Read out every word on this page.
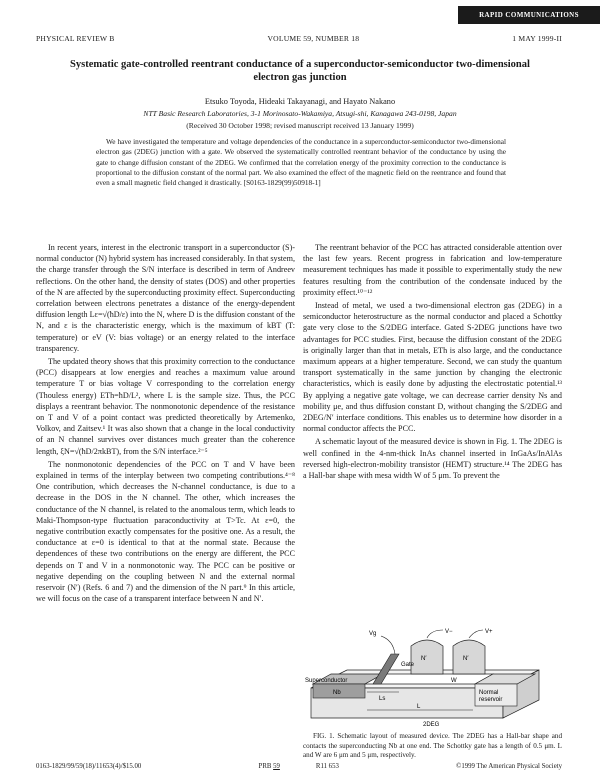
RAPID COMMUNICATIONS
PHYSICAL REVIEW B	VOLUME 59, NUMBER 18	1 MAY 1999-II
Systematic gate-controlled reentrant conductance of a superconductor-semiconductor two-dimensional electron gas junction
Etsuko Toyoda, Hideaki Takayanagi, and Hayato Nakano
NTT Basic Research Laboratories, 3-1 Morinosato-Wakamiya, Atsugi-shi, Kanagawa 243-0198, Japan
(Received 30 October 1998; revised manuscript received 13 January 1999)
We have investigated the temperature and voltage dependencies of the conductance in a superconductor-semiconductor two-dimensional electron gas (2DEG) junction with a gate. We observed the systematically controlled reentrant behavior of the conductance by using the gate to change diffusion constant of the 2DEG. We confirmed that the correlation energy of the proximity correction to the conductance is proportional to the diffusion constant of the normal part. We also examined the effect of the magnetic field on the reentrance and found that even a small magnetic field changed it drastically. [S0163-1829(99)50918-1]

In recent years, interest in the electronic transport in a superconductor (S)-normal conductor (N) hybrid system has increased considerably. In that system, the charge transfer through the S/N interface is described in term of Andreev reflections. On the other hand, the density of states (DOS) and other properties of the N are affected by the superconducting proximity effect. Superconducting correlation between electrons penetrates a distance of the energy-dependent diffusion length Lε=√(ħD/ε) into the N, where D is the diffusion constant of the N, and ε is the characteristic energy, which is the maximum of kBT (T: temperature) or eV (V: bias voltage) or an energy related to the interface transparency.

The updated theory shows that this proximity correction to the conductance (PCC) disappears at low energies and reaches a maximum value around temperature T or bias voltage V corresponding to the correlation energy (Thouless energy) ETh=ħD/L², where L is the sample size. Thus, the PCC displays a reentrant behavior. The nonmonotonic dependence of the resistance on T and V of a point contact was predicted theoretically by Artemenko, Volkov, and Zaitsev.¹ It was also shown that a change in the local conductivity of an N channel survives over distances much greater than the coherence length, ξN=√(ħD/2πkBT), from the S/N interface.²⁻⁵

The nonmonotonic dependencies of the PCC on T and V have been explained in terms of the interplay between two competing contributions.⁴⁻⁸ One contribution, which decreases the N-channel conductance, is due to a decrease in the DOS in the N channel. The other, which increases the conductance of the N channel, is related to the anomalous term, which leads to Maki-Thompson-type fluctuation paraconductivity at T>Tc. At ε=0, the negative contribution exactly compensates for the positive one. As a result, the conductance at ε=0 is identical to that at the normal state. Because the dependences of these two contributions on the energy are different, the PCC depends on T and V in a nonmonotonic way. The PCC can be positive or negative depending on the coupling between N and the external normal reservoir (N′) (Refs. 6 and 7) and the dimension of the N part.⁹ In this article, we will focus on the case of a transparent interface between N and N′.

The reentrant behavior of the PCC has attracted considerable attention over the last few years. Recent progress in fabrication and low-temperature measurement techniques has made it possible to experimentally study the new features resulting from the contribution of the condensate induced by the proximity effect.¹⁰⁻¹²

Instead of metal, we used a two-dimensional electron gas (2DEG) in a semiconductor heterostructure as the normal conductor and placed a Schottky gate very close to the S/2DEG interface. Gated S-2DEG junctions have two advantages for PCC studies. First, because the diffusion constant of the 2DEG is originally larger than that in metals, ETh is also large, and the conductance maximum appears at a higher temperature. Second, we can study the quantum transport systematically in the same junction by changing the electronic characteristics, which is easily done by adjusting the electrostatic potential.¹³ By applying a negative gate voltage, we can decrease carrier density Ns and mobility μe, and thus diffusion constant D, without changing the S/2DEG and 2DEG/N′ interface conditions. This enables us to determine how disorder in a normal conductor affects the PCC.

A schematic layout of the measured device is shown in Fig. 1. The 2DEG is well confined in the 4-nm-thick InAs channel inserted in InGaAs/InAlAs reversed high-electron-mobility transistor (HEMT) structure.¹⁴ The 2DEG has a Hall-bar shape with mesa width W of 5 μm. To prevent the

Vg	V+
V−
Gate
Superconductor
Nb
Ls
W
L
N′	N′
Normal reservoir
2DEG
FIG. 1. Schematic layout of measured device. The 2DEG has a Hall-bar shape and contacts the superconducting Nb at one end. The Schottky gate has a length of 0.5 μm. L and W are 6 μm and 5 μm, respectively.
0163-1829/99/59(18)/11653(4)/$15.00	PRB 59	R11 653	©1999 The American Physical Society
